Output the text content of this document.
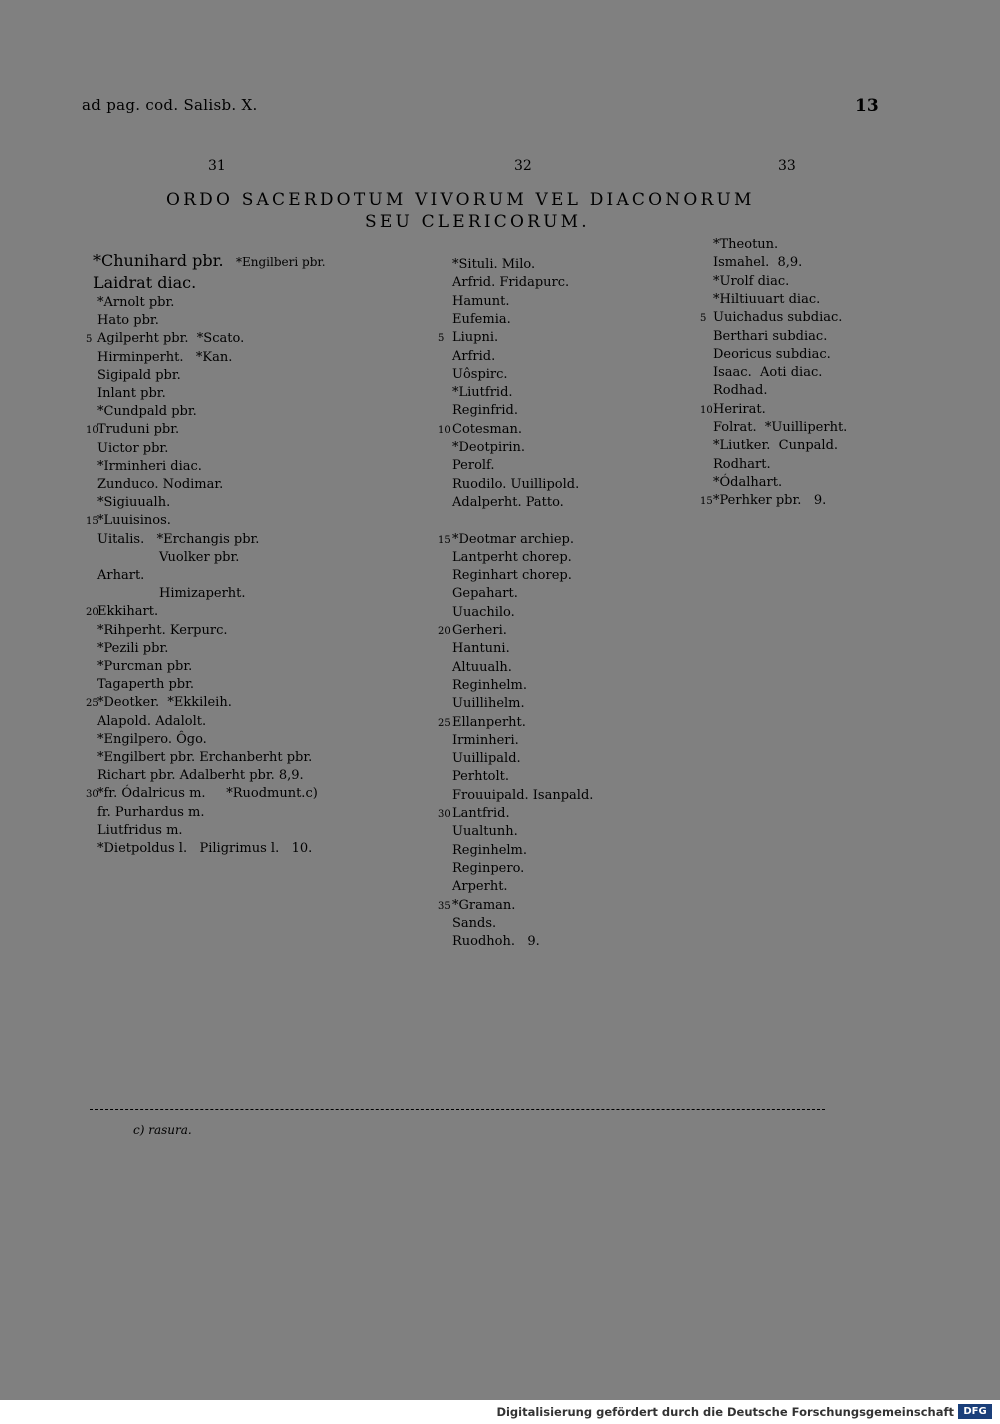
ad pag. cod. Salisb. X.	13
31	32	33
ORDO SACERDOTUM VIVORUM VEL DIACONORUM
SEU CLERICORUM.
*Engilberi pbr.
*Chunihard pbr.
Laidrat diac.
*Arnolt pbr.
Hato pbr.
5 Agilperht pbr.  *Scato.
Hirminperht.   *Kan.
Sigipald pbr.
Inlant pbr.
*Cundpald pbr.
10
Truduni pbr.
Uictor pbr.
*Irminheri diac.
Zunduco. Nodimar.
*Sigiuualh.
15
*Luuisinos.
Uitalis.   *Erchangis pbr.
Vuolker pbr.
Arhart.
Himizaperht.
20
Ekkihart.
*Rihperht. Kerpurc.
*Pezili pbr.
*Purcman pbr.
Tagaperth pbr.
25
*Deotker.  *Ekkileih.
Alapold. Adalolt.
*Engilpero. Ôgo.
*Engilbert pbr. Erchanberht pbr.
Richart pbr. Adalberht pbr. 8,9.
30
*fr. Ódalricus m.     *Ruodmunt.c)
fr. Purhardus m.
Liutfridus m.
*Dietpoldus l.   Piligrimus l.   10.
*Situli. Milo.
Arfrid. Fridapurc.
Hamunt.
Eufemia.
5 Liupni.
Arfrid.
Uôspirc.
*Liutfrid.
Reginfrid.
10 Cotesman.
*Deotpirin.
Perolf.
Ruodilo. Uuillipold.
Adalperht. Patto.
15 *Deotmar archiep.
Lantperht chorep.
Reginhart chorep.
Gepahart.
Uuachilo.
20 Gerheri.
Hantuni.
Altuualh.
Reginhelm.
Uuillihelm.
25 Ellanperht.
Irminheri.
Uuillipald.
Perhtolt.
Frouuipald. Isanpald.
30 Lantfrid.
Uualtunh.
Reginhelm.
Reginpero.
Arperht.
35 *Graman.
Sands.
Ruodhoh.   9.
*Theotun.
Ismahel.  8,9.
*Urolf diac.
*Hiltiuuart diac.
5 Uuichadus subdiac.
Berthari subdiac.
Deoricus subdiac.
Isaac.  Aoti diac.
Rodhad.
10 Herirat.
Folrat.  *Uuilliperht.
*Liutker.  Cunpald.
Rodhart.
*Ódalhart.
15 *Perhker pbr.   9.
c) rasura.
Digitalisierung gefördert durch die Deutsche Forschungsgemeinschaft DFG
